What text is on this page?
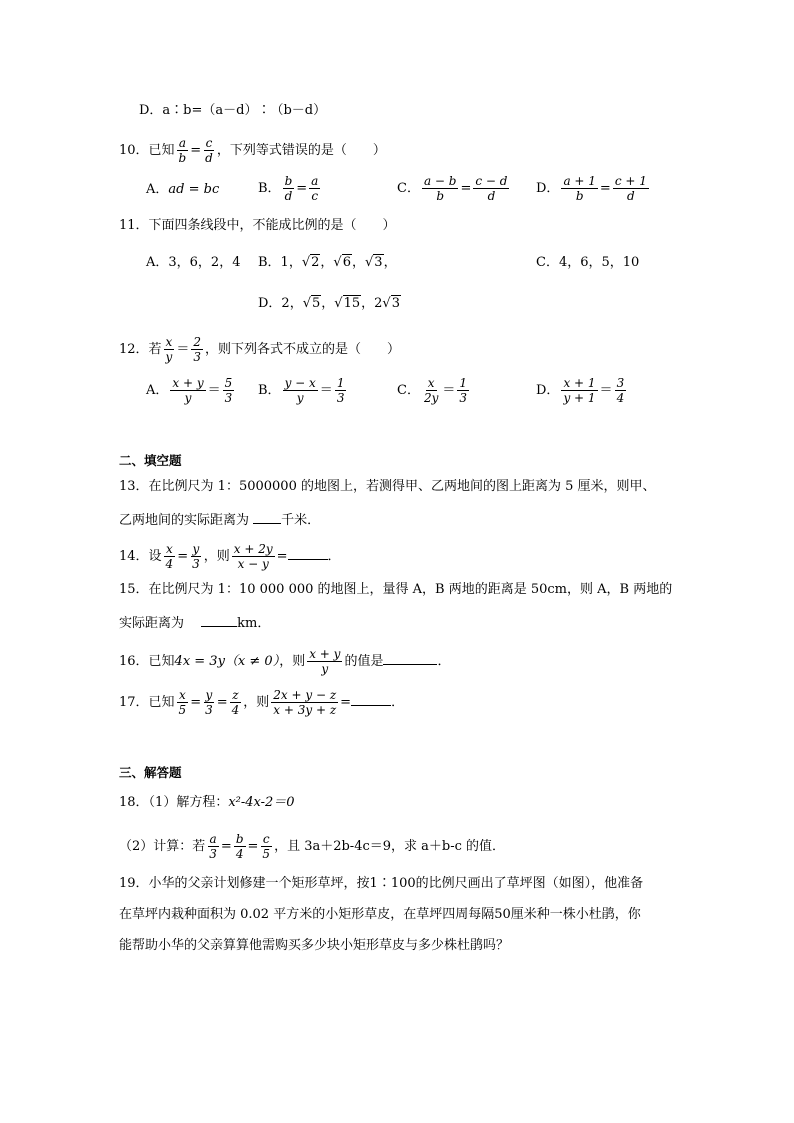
D．a∶b=（a－d）∶（b－d）
10．已知 $\frac{a}{b} = \frac{c}{d}$ ，下列等式错误的是（　　）
A．ad = bc	B． $\frac{b}{d} = \frac{a}{c}$	C． $\frac{a - b}{b} = \frac{c - d}{d}$ D． $\frac{a + 1}{b} = \frac{c + 1}{d}$
11．下面四条线段中，不能成比例的是（　　）
A．3，6，2，4 B．1，√2，√6，√3，	C．4，6，5，10
D．2，√5，√15，2√3
12．若 $\frac{x}{y} = \frac{2}{3}$ ，则下列各式不成立的是（　　）
A． $\frac{x + y}{y} = \frac{5}{3}$ B． $\frac{y - x}{y} = \frac{1}{3}$	C． $\frac{x}{2y} = \frac{1}{3}$	D． $\frac{x + 1}{y + 1} = \frac{3}{4}$
二、填空题
13．在比例尺为 1：5000000 的地图上，若测得甲、乙两地间的图上距离为 5 厘米，则甲、
乙两地间的实际距离为 千米．
14．设 $\frac{x}{4} = \frac{y}{3}$ ，则 $\frac{x + 2y}{x - y}$ =	．
15．在比例尺为 1：10 000 000 的地图上，量得 A，B 两地的距离是 50cm，则 A，B 两地的
实际距离为　	km．
16．已知4x = 3y（x ≠ 0），则 $\frac{x + y}{y}$ 的值是	．
17．已知 $\frac{x}{5} = \frac{y}{3} = \frac{z}{4}$ ，则 $\frac{2x + y - z}{x + 3y + z}$ =	．
三、解答题
18．（1）解方程：x²-4x-2＝0
（2）计算：若 $\frac{a}{3} = \frac{b}{4} = \frac{c}{5}$ ，且 3a＋2b-4c＝9，求 a＋b-c 的值．
19．小华的父亲计划修建一个矩形草坪，按1∶100的比例尺画出了草坪图（如图），他准备
在草坪内栽种面积为 0.02 平方米的小矩形草皮，在草坪四周每隔50厘米种一株小杜鹃，你
能帮助小华的父亲算算他需购买多少块小矩形草皮与多少株杜鹃吗？
